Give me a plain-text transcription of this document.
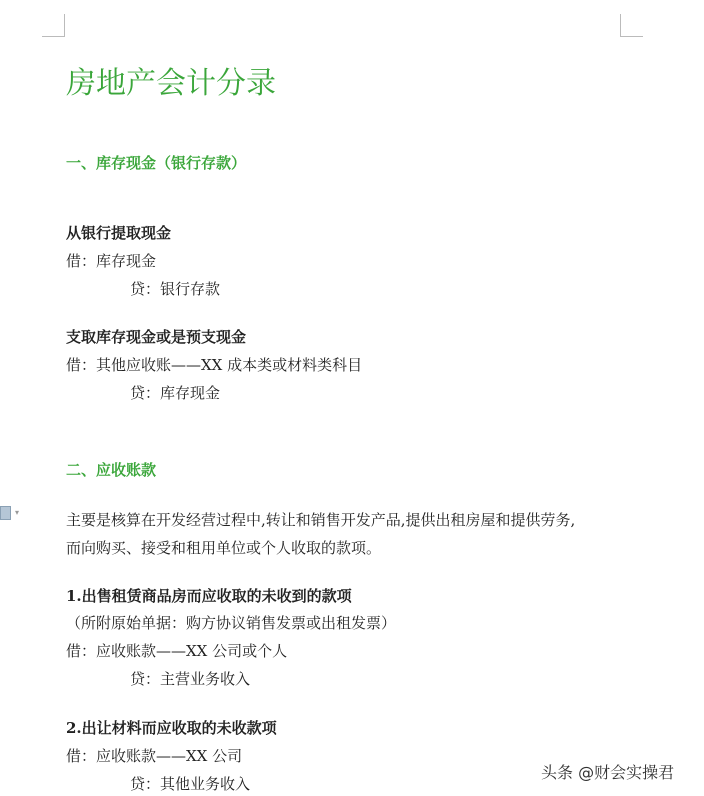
▾
房地产会计分录
一、库存现金（银行存款）
从银行提取现金
借：库存现金
贷：银行存款
支取库存现金或是预支现金
借：其他应收账——XX 成本类或材料类科目
贷：库存现金
二、应收账款
主要是核算在开发经营过程中,转让和销售开发产品,提供出租房屋和提供劳务,
而向购买、接受和租用单位或个人收取的款项。
1.出售租赁商品房而应收取的未收到的款项
（所附原始单据：购方协议销售发票或出租发票）
借：应收账款——XX 公司或个人
贷：主营业务收入
2.出让材料而应收取的未收款项
借：应收账款——XX 公司
贷：其他业务收入
头条 @财会实操君
